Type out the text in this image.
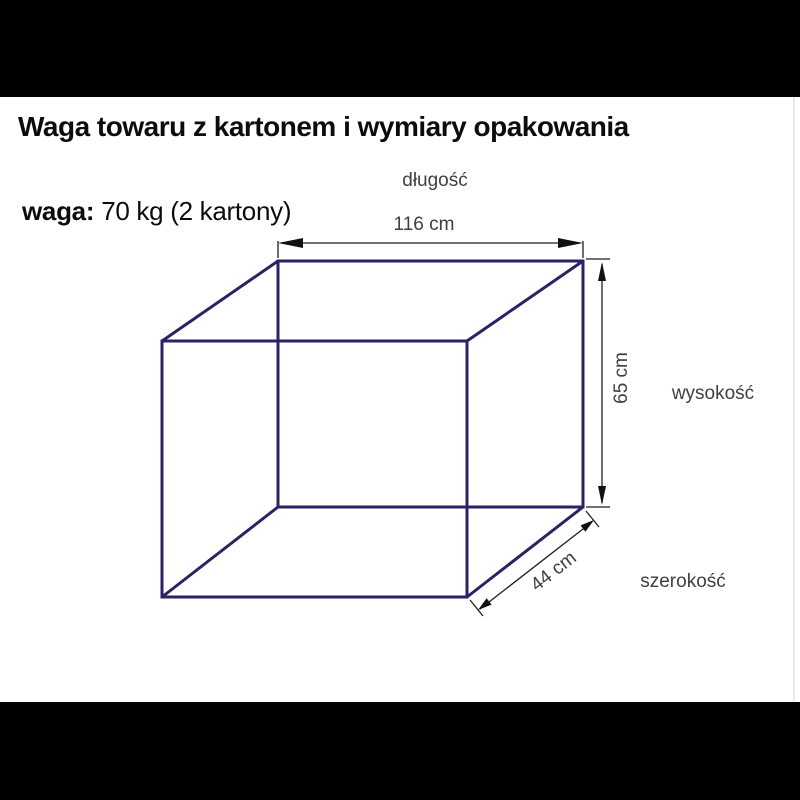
Waga towaru z kartonem i wymiary opakowania
waga: 70 kg (2 kartony)
długość
116 cm
wysokość
65 cm
szerokość
44 cm
